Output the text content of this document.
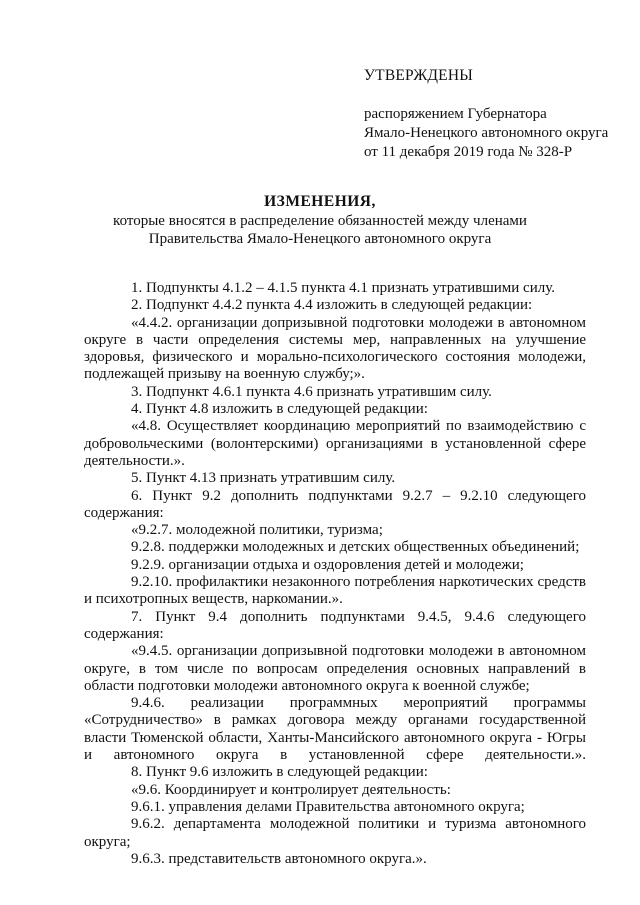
УТВЕРЖДЕНЫ
распоряжением Губернатора
Ямало-Ненецкого автономного округа
от 11 декабря 2019 года № 328-Р
ИЗМЕНЕНИЯ,
которые вносятся в распределение обязанностей между членами
Правительства Ямало-Ненецкого автономного округа
1. Подпункты 4.1.2 – 4.1.5 пункта 4.1 признать утратившими силу.
2. Подпункт 4.4.2 пункта 4.4 изложить в следующей редакции:
«4.4.2. организации допризывной подготовки молодежи в автономном округе в части определения системы мер, направленных на улучшение здоровья, физического и морально-психологического состояния молодежи, подлежащей призыву на военную службу;».
3. Подпункт 4.6.1 пункта 4.6 признать утратившим силу.
4. Пункт 4.8 изложить в следующей редакции:
«4.8. Осуществляет координацию мероприятий по взаимодействию с добровольческими (волонтерскими) организациями в установленной сфере деятельности.».
5. Пункт 4.13 признать утратившим силу.
6. Пункт 9.2 дополнить подпунктами 9.2.7 – 9.2.10 следующего содержания:
«9.2.7. молодежной политики, туризма;
9.2.8. поддержки молодежных и детских общественных объединений;
9.2.9. организации отдыха и оздоровления детей и молодежи;
9.2.10. профилактики незаконного потребления наркотических средств и психотропных веществ, наркомании.».
7. Пункт 9.4 дополнить подпунктами 9.4.5, 9.4.6 следующего содержания:
«9.4.5. организации допризывной подготовки молодежи в автономном округе, в том числе по вопросам определения основных направлений в области подготовки молодежи автономного округа к военной службе;
9.4.6. реализации программных мероприятий программы «Сотрудничество» в рамках договора между органами государственной власти Тюменской области, Ханты-Мансийского автономного округа - Югры и автономного округа в установленной сфере деятельности.».
8. Пункт 9.6 изложить в следующей редакции:
«9.6. Координирует и контролирует деятельность:
9.6.1. управления делами Правительства автономного округа;
9.6.2. департамента молодежной политики и туризма автономного округа;
9.6.3. представительств автономного округа.».
